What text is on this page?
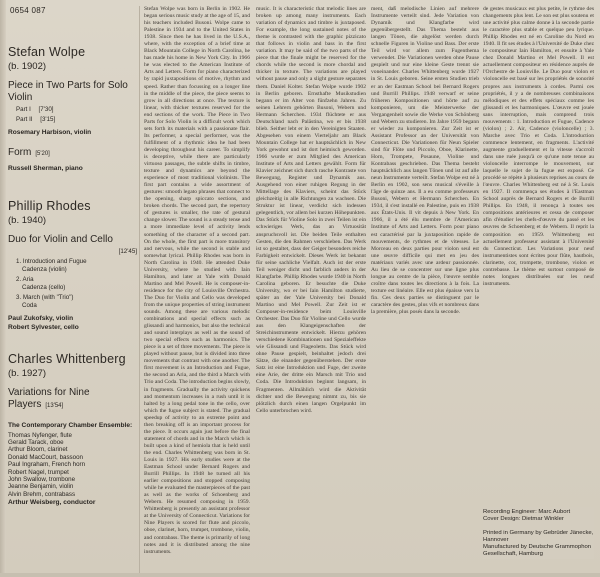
0654 087
Stefan Wolpe
(b. 1902)
Piece in Two Parts for Solo Violin
Part I [7'30]
Part II [3'15]
Rosemary Harbison, violin
Form [5'20]
Russell Sherman, piano
Phillip Rhodes
(b. 1940)
Duo for Violin and Cello
[12'45]
1. Introduction and Fugue
Cadenza (violin)
2. Aria
Cadenza (cello)
3. March (with "Trio")
Coda
Paul Zukofsky, violin
Robert Sylvester, cello
Charles Whittenberg
(b. 1927)
Variations for Nine Players [13'54]
The Contemporary Chamber Ensemble:
Thomas Nyfenger, flute
Gerald Tarack, oboe
Arthur Bloom, clarinet
Donald MacCourt, bassoon
Paul Ingraham, French horn
Robert Nagel, trumpet
John Swallow, trombone
Jeanne Benjamin, violin
Alvin Brehm, contrabass
Arthur Weisberg, conductor

Stefan Wolpe was born in Berlin in 1902. He began serious music study at the age of 15, and his teachers included Busoni. Wolpe came to Palestine in 1934 and to the United States in 1938. Since then he has lived in the U.S.A., where, with the exception of a brief time at Black Mountain College in North Carolina, he has made his home in New York City. In 1966 he was elected to the American Institute of Arts and Letters. Form for piano characterized by rapid juxtapositions of motive, rhythm and speed. Rather than focussing on a longer line in the middle of the piece, the piece seems to grow in all directions at once. The texture is linear, with thicker textures reserved for the end sections of the work. The Piece in Two Parts for Solo Violin is a difficult work which sets forth its materials with a passionate flair. Its performer, a special performer, was the fulfillment of a rhythmic idea he had been developing throughout his career. To simplify is deceptive, while there are particularly virtuoso passages, the subtle shifts in timbre, texture and dynamics are beyond the experience of most traditional violinists. The first part contains a wide assortment of gestures: smooth legato phrases that connect to the opening, sharp spiccato sections, and broken chords. The second part, the repertory of gestures is smaller, the rate of gestural change slower. The sound is a steady tense and a more immediate level of activity lends something of the character of a second part. On the whole, the first part is more transitory and nervous, while the second is stable and somewhat lyrical. Phillip Rhodes was born in North Carolina in 1940. He attended Duke University, where he studied with Iain Hamilton, and later at Yale with Donald Martino and Mel Powell. He is composer-in-residence for the city of Louisville Orchestra. The Duo for Violin and Cello was developed from the unique properties of string instrument sounds. Among these are various melodic combinations and special effects such as glissandi and harmonics, but also the technical and sound interplays as well as the sound of two special effects such as harmonics. The piece is a set of three movements. The piece is played without pause, but is divided into three movements that contrast with one another. The first movement is an Introduction and Fugue, the second an Aria, and the third a March with Trio and Coda. The introduction begins slowly, in fragments. Gradually the activity quickens and momentum increases in a rush until it is halted by a long pedal tone in the cello, over which the fugue subject is stated. The gradual speedup of activity to an extreme point and then breaking off is an important process for the piece. It occurs again just before the final statement of chords and in the March which is built upon a kind of hemiola that is held until the end. Charles Whittenberg was born in St. Louis in 1927. His early studies were at the Eastman School under Bernard Rogers and Burrill Phillips. In 1948 he turned all his earlier compositions and stopped composing while he evaluated the masterpieces of the past as well as the works of Schoenberg and Webern. He resumed composing in 1959. Whittenberg is presently an assistant professor at the University of Connecticut. Variations for Nine Players is scored for flute and piccolo, oboe, clarinet, horn, trumpet, trombone, violin, and contrabass. The theme is primarily of long notes and it is distributed among the nine instruments.

music. It is characteristic that melodic lines are broken up among many instruments. Each variation of dynamics and timbre is juxtaposed. For example, the long sustained notes of the theme is contrasted with the graphic pizzicato that follows in violin and bass in the first variation. It may be said of the two parts of the piece that the finale might be reserved for the chords while the second is more chordal and thicker in texture. The variations are played without pause and only a slight gesture separates them. Daniel Kolter. Stefan Wolpe wurde 1902 in Berlin geboren. Ernsthafte Musikstudien begann er im Alter von fünfzehn Jahren. Zu seinen Lehrern gehörten Busoni, Webern und Hermann Scherchen. 1934 flüchtete er aus Deutschland nach Palästina, wo er bis 1938 blieb. Seither lebt er in den Vereinigten Staaten. Abgesehen von einem Vierteljahr am Black Mountain College hat er hauptsächlich in New York gewohnt und ist dort heimisch geworden. 1966 wurde er zum Mitglied des American Institute of Arts and Letters gewählt. Form für Klavier zeichnet sich durch rasche Kontraste von Bewegung, Register und Dynamik aus. Ausgehend von einer ruhigen Regung in der Mittellage des Klaviers, scheint das Stück gleichzeitig in alle Richtungen zu wachsen. Die Struktur ist linear, verdickt sich indessen gelegentlich, vor allem bei kurzen Höhepunkten. Das Stück für Violine Solo in zwei Teilen ist ein schwieriges Werk, das an Virtuosität anspruchsvoll ist. Die beiden Teile enthalten Gesten, die den Rahmen verschieben. Das Werk ist so gestaltet, dass der Geiger besonders reiche Farbigkeit entwickelt. Dieses Werk ist bekannt für seine sachliche Vielfalt. Auch ist der erste Teil weniger dicht und farblich anders in der Klangfarbe. Phillip Rhodes wurde 1940 in North Carolina geboren. Er besuchte die Duke University, wo er bei Iain Hamilton studierte, später an der Yale University bei Donald Martino und Mel Powell. Zur Zeit ist er Composer-in-residence beim Louisville Orchester. Das Duo für Violine und Cello wurde aus den Klangeigenschaften der Streichinstrumente entwickelt. Hierzu gehören verschiedene Kombinationen und Spezialeffekte wie Glissandi und Flageoletts. Das Stück wird ohne Pause gespielt, beinhaltet jedoch drei Sätze, die einander gegenüberstehen. Der erste Satz ist eine Introduktion und Fuge, der zweite eine Arie, der dritte ein Marsch mit Trio und Coda. Die Introduktion beginnt langsam, in Fragmenten. Allmählich wird die Aktivität dichter und die Bewegung nimmt zu, bis sie plötzlich durch einen langen Orgelpunkt im Cello unterbrochen wird.

ment, daß melodische Linien auf mehrere Instrumente verteilt sind. Jede Variation von Dynamik und Klangfarbe wird gegenübergestellt. Das Thema besteht aus langen Tönen, die abgelöst werden durch schnelle Figuren in Violine und Bass. Der erste Teil wird vor allem zum Fugenthema verwendet. Die Variationen werden ohne Pause gespielt und nur eine kleine Geste trennt sie voneinander. Charles Whittenberg wurde 1927 in St. Louis geboren. Seine ersten Studien trieb er an der Eastman School bei Bernard Rogers und Burrill Phillips. 1948 verwarf er seine früheren Kompositionen und hörte auf zu komponieren, um die Meisterwerke der Vergangenheit sowie die Werke von Schönberg und Webern zu studieren. Im Jahre 1959 begann er wieder zu komponieren. Zur Zeit ist er Assistant Professor an der Universität von Connecticut. Die Variationen für Neun Spieler sind für Flöte und Piccolo, Oboe, Klarinette, Horn, Trompete, Posaune, Violine und Kontrabass geschrieben. Das Thema besteht hauptsächlich aus langen Tönen und ist auf alle neun Instrumente verteilt. Stefan Wolpe est né à Berlin en 1902, son sens musical s'éveille à l'âge de quinze ans. Il a eu comme professeurs Busoni, Webern et Hermann Scherchen. En 1934, il s'est installé en Palestine, puis en 1938 aux États-Unis. Il vit depuis à New York. En 1966, il a été élu membre de l'American Institute of Arts and Letters. Form pour piano est caractérisé par la juxtaposition rapide de mouvements, de rythmes et de vitesses. Le Morceau en deux parties pour violon seul est une œuvre difficile qui met en jeu des matériaux variés avec une ardeur passionnée. Au lieu de se concentrer sur une ligne plus longue au centre de la pièce, l'œuvre semble croître dans toutes les directions à la fois. La texture est linéaire. Elle est plus épaisse vers la fin. Ces deux parties se distinguent par le caractère des gestes, plus vifs et nombreux dans la première, plus posés dans la seconde.

de gestes musicaux est plus petite, le rythme des changements plus lent. Le son est plus soutenu et une activité plus calme donne à la seconde partie le caractère plus stable et quelque peu lyrique. Phillip Rhodes est né en Caroline du Nord en 1940. Il fit ses études à l'Université de Duke chez le compositeur Iain Hamilton, et ensuite à Yale chez Donald Martino et Mel Powell. Il est actuellement compositeur en résidence auprès de l'Orchestre de Louisville. Le Duo pour violon et violoncelle est basé sur les propriétés de sonorité propres aux instruments à cordes. Parmi ces propriétés, il y a de nombreuses combinaisons mélodiques et des effets spéciaux comme les glissandi et les harmoniques. L'œuvre est jouée sans interruption, mais comprend trois mouvements : 1. Introduction et Fugue, Cadence (violon) ; 2. Air, Cadence (violoncelle) ; 3. Marche avec Trio et Coda. L'introduction commence lentement, en fragments. L'activité augmente graduellement et la vitesse s'accroît dans une ruée jusqu'à ce qu'une note tenue au violoncelle interrompe le mouvement, sur laquelle le sujet de la fugue est exposé. Ce procédé se répète à plusieurs reprises au cours de l'œuvre. Charles Whittenberg est né à St. Louis en 1927. Il commença ses études à l'Eastman School auprès de Bernard Rogers et de Burrill Phillips. En 1948, il renonça à toutes ses compositions antérieures et cessa de composer afin d'étudier les chefs-d'œuvre du passé et les œuvres de Schoenberg et de Webern. Il reprit la composition en 1959. Whittenberg est actuellement professeur assistant à l'Université du Connecticut. Les Variations pour neuf instrumentistes sont écrites pour flûte, hautbois, clarinette, cor, trompette, trombone, violon et contrebasse. Le thème est surtout composé de notes longues distribuées sur les neuf instruments.

Recording Engineer: Marc Aubort
Cover Design: Dietmar Winkler
Printed in Germany by Gebrüder Jänecke, Hannover
Manufactured by Deutsche Grammophon Gesellschaft, Hamburg
